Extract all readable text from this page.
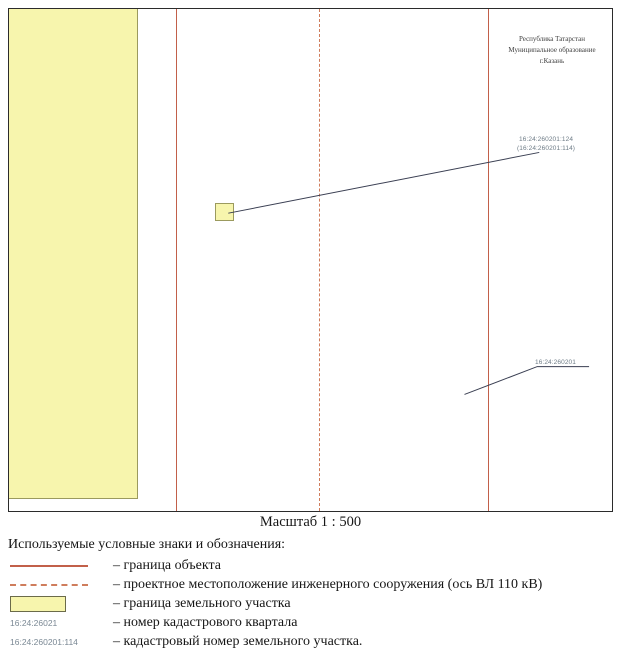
Республика Татарстан
Муниципальное образование
г.Казань
16:24:260201:124
(16:24:260201:114)
16:24:260201
Масштаб 1 : 500
Используемые условные знаки и обозначения:
– граница объекта
– проектное местоположение инженерного сооружения (ось ВЛ 110 кВ)
– граница земельного участка
16:24:26021	– номер кадастрового квартала
16:24:260201:114	– кадастровый номер земельного участка.
